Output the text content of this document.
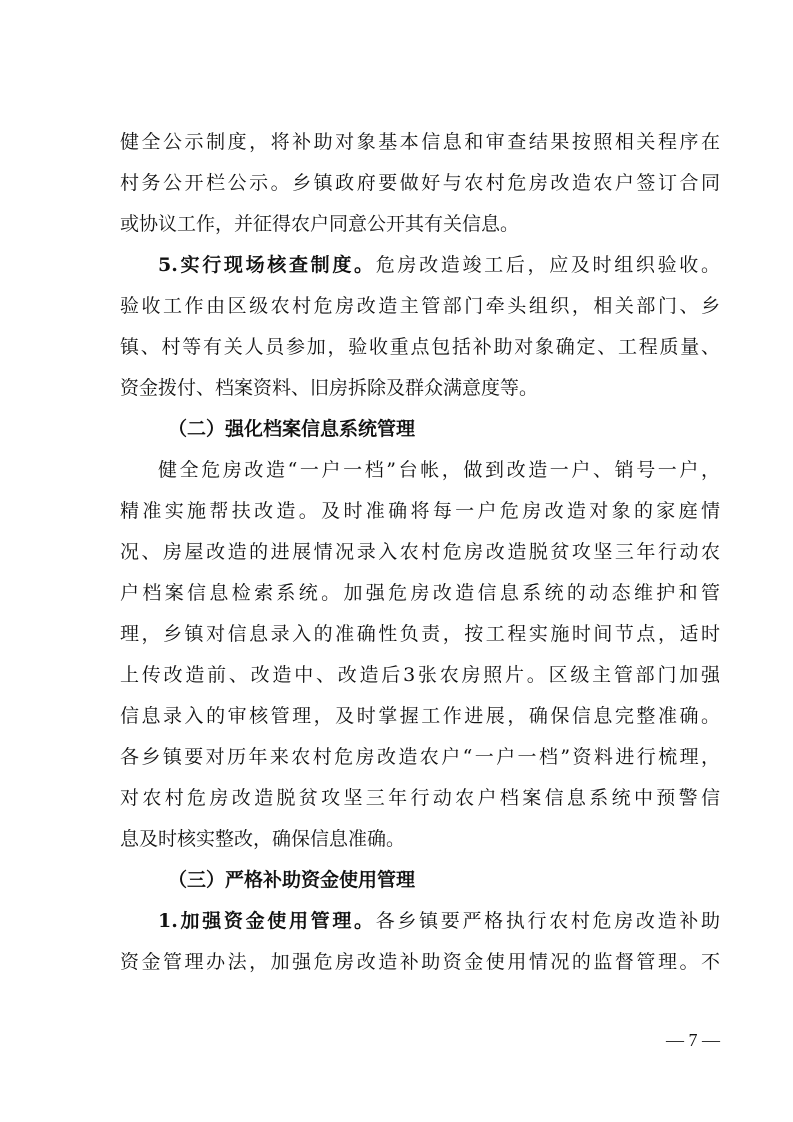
健全公示制度，将补助对象基本信息和审查结果按照相关程序在
村务公开栏公示。乡镇政府要做好与农村危房改造农户签订合同
或协议工作，并征得农户同意公开其有关信息。
5.实行现场核查制度。危房改造竣工后，应及时组织验收。
验收工作由区级农村危房改造主管部门牵头组织，相关部门、乡
镇、村等有关人员参加，验收重点包括补助对象确定、工程质量、
资金拨付、档案资料、旧房拆除及群众满意度等。
（二）强化档案信息系统管理
健全危房改造“一户一档”台帐，做到改造一户、销号一户，
精准实施帮扶改造。及时准确将每一户危房改造对象的家庭情
况、房屋改造的进展情况录入农村危房改造脱贫攻坚三年行动农
户档案信息检索系统。加强危房改造信息系统的动态维护和管
理，乡镇对信息录入的准确性负责，按工程实施时间节点，适时
上传改造前、改造中、改造后3张农房照片。区级主管部门加强
信息录入的审核管理，及时掌握工作进展，确保信息完整准确。
各乡镇要对历年来农村危房改造农户“一户一档”资料进行梳理，
对农村危房改造脱贫攻坚三年行动农户档案信息系统中预警信
息及时核实整改，确保信息准确。
（三）严格补助资金使用管理
1.加强资金使用管理。各乡镇要严格执行农村危房改造补助
资金管理办法，加强危房改造补助资金使用情况的监督管理。不
— 7 —
